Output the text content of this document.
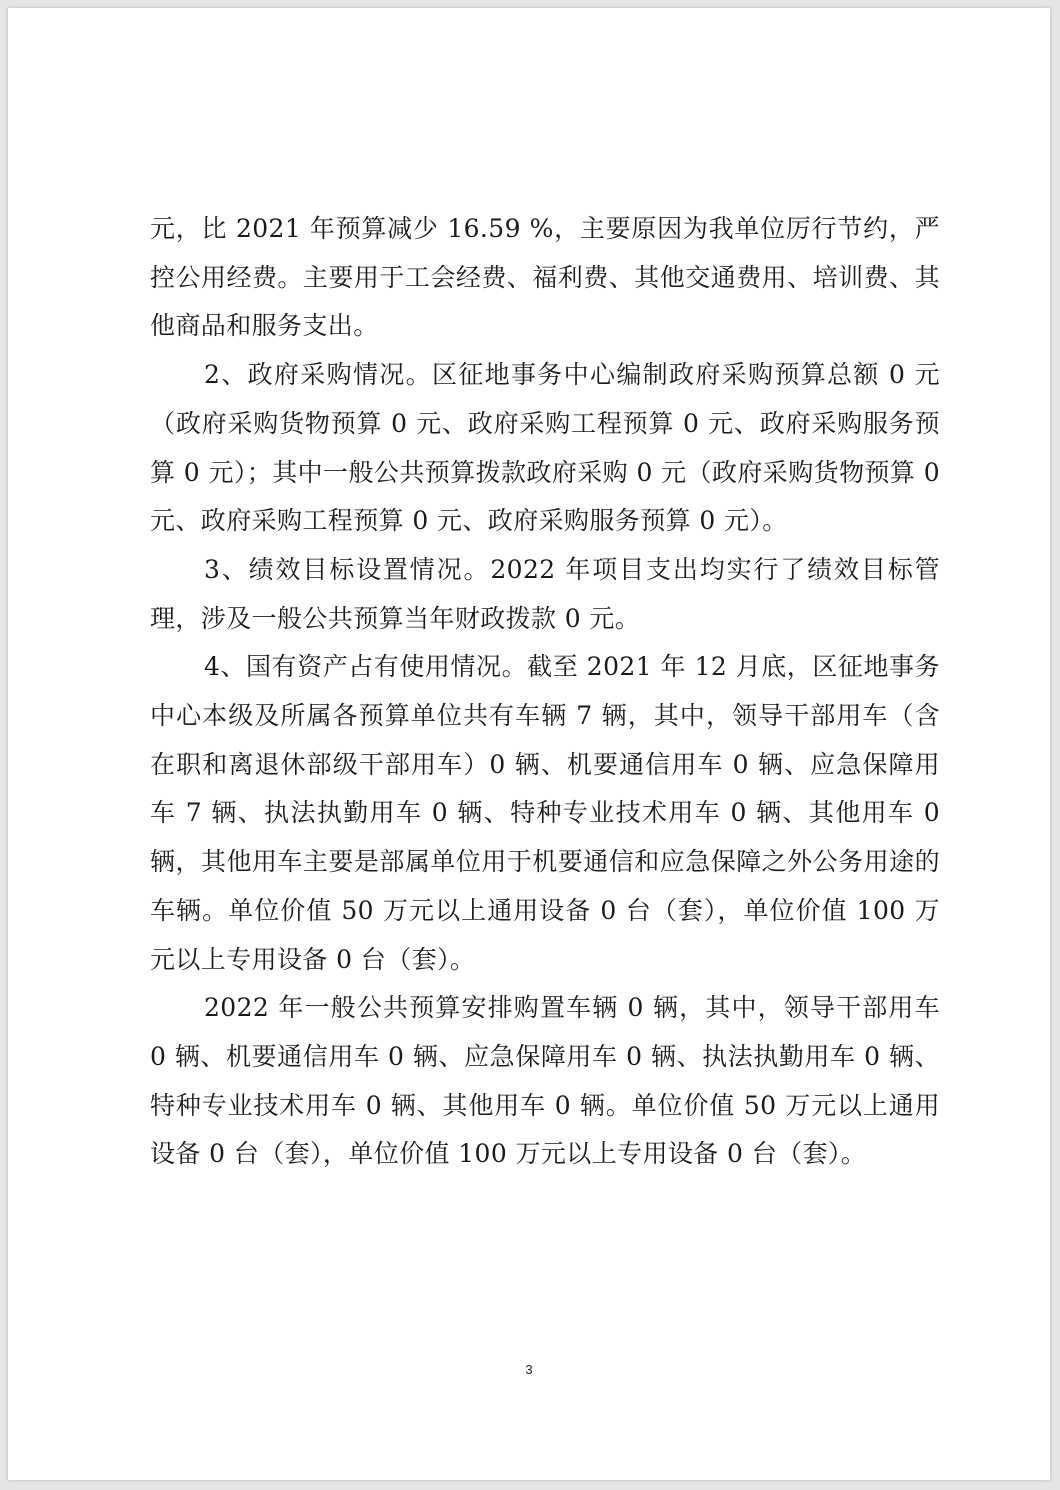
元，比 2021 年预算减少 16.59 %，主要原因为我单位厉行节约，严控公用经费。主要用于工会经费、福利费、其他交通费用、培训费、其他商品和服务支出。

2、政府采购情况。区征地事务中心编制政府采购预算总额 0 元（政府采购货物预算 0 元、政府采购工程预算 0 元、政府采购服务预算 0 元）；其中一般公共预算拨款政府采购 0 元（政府采购货物预算 0 元、政府采购工程预算 0 元、政府采购服务预算 0 元）。

3、绩效目标设置情况。2022 年项目支出均实行了绩效目标管理，涉及一般公共预算当年财政拨款 0 元。

4、国有资产占有使用情况。截至 2021 年 12 月底，区征地事务中心本级及所属各预算单位共有车辆 7 辆，其中，领导干部用车（含在职和离退休部级干部用车）0 辆、机要通信用车 0 辆、应急保障用车 7 辆、执法执勤用车 0 辆、特种专业技术用车 0 辆、其他用车 0 辆，其他用车主要是部属单位用于机要通信和应急保障之外公务用途的车辆。单位价值 50 万元以上通用设备 0 台（套），单位价值 100 万元以上专用设备 0 台（套）。

2022 年一般公共预算安排购置车辆 0 辆，其中，领导干部用车 0 辆、机要通信用车 0 辆、应急保障用车 0 辆、执法执勤用车 0 辆、特种专业技术用车 0 辆、其他用车 0 辆。单位价值 50 万元以上通用设备 0 台（套），单位价值 100 万元以上专用设备 0 台（套）。

3
